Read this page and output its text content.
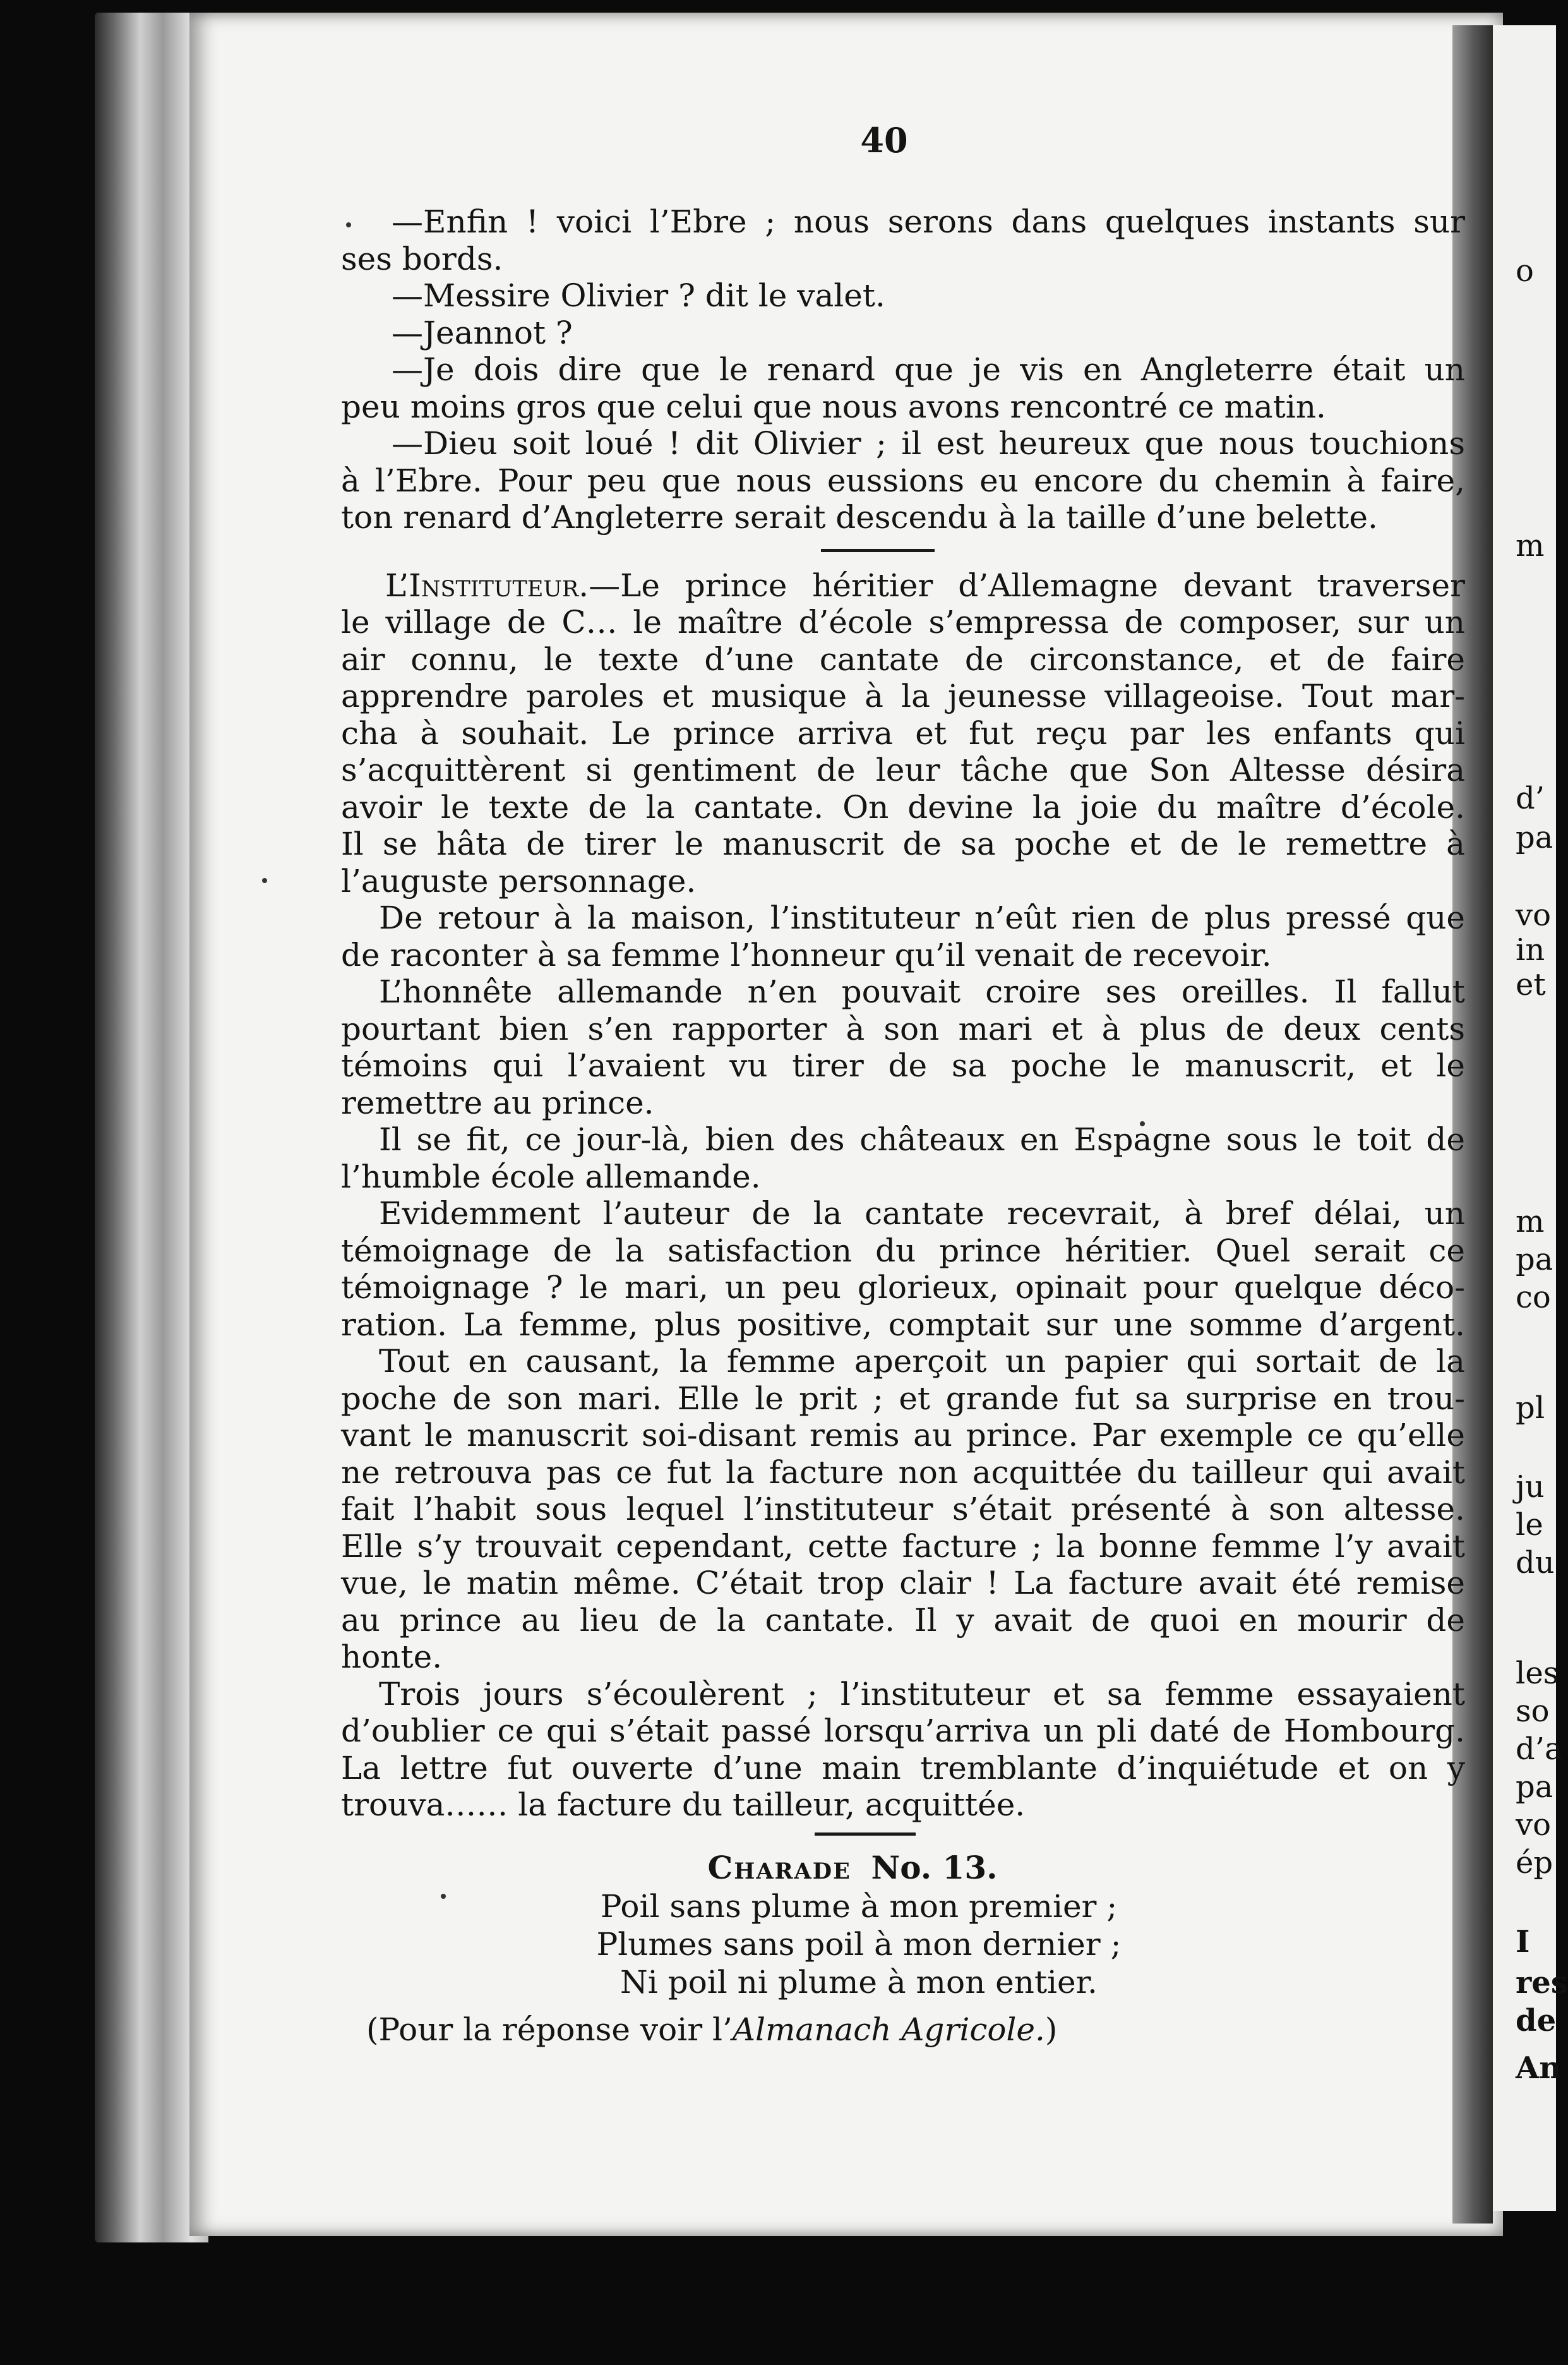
o
m
d’
pa
vo
in
et
m
pa
co
pl
ju
le
du
les
so
d’a
pa
vo
ép
I
res
de
An
40
—Enfin ! voici l’Ebre ; nous serons dans quelques instants sur
ses bords.
—Messire Olivier ? dit le valet.
—Jeannot ?
—Je dois dire que le renard que je vis en Angleterre était un
peu moins gros que celui que nous avons rencontré ce matin.
—Dieu soit loué ! dit Olivier ; il est heureux que nous touchions
à l’Ebre. Pour peu que nous eussions eu encore du chemin à faire,
ton renard d’Angleterre serait descendu à la taille d’une belette.
L’Instituteur.—Le prince héritier d’Allemagne devant traverser
le village de C… le maître d’école s’empressa de composer, sur un
air connu, le texte d’une cantate de circonstance, et de faire
apprendre paroles et musique à la jeunesse villageoise. Tout mar-
cha à souhait. Le prince arriva et fut reçu par les enfants qui
s’acquittèrent si gentiment de leur tâche que Son Altesse désira
avoir le texte de la cantate. On devine la joie du maître d’école.
Il se hâta de tirer le manuscrit de sa poche et de le remettre à
l’auguste personnage.
De retour à la maison, l’instituteur n’eût rien de plus pressé que
de raconter à sa femme l’honneur qu’il venait de recevoir.
L’honnête allemande n’en pouvait croire ses oreilles. Il fallut
pourtant bien s’en rapporter à son mari et à plus de deux cents
témoins qui l’avaient vu tirer de sa poche le manuscrit, et le
remettre au prince.
Il se fit, ce jour-là, bien des châteaux en Espagne sous le toit de
l’humble école allemande.
Evidemment l’auteur de la cantate recevrait, à bref délai, un
témoignage de la satisfaction du prince héritier. Quel serait ce
témoignage ? le mari, un peu glorieux, opinait pour quelque déco-
ration. La femme, plus positive, comptait sur une somme d’argent.
Tout en causant, la femme aperçoit un papier qui sortait de la
poche de son mari. Elle le prit ; et grande fut sa surprise en trou-
vant le manuscrit soi-disant remis au prince. Par exemple ce qu’elle
ne retrouva pas ce fut la facture non acquittée du tailleur qui avait
fait l’habit sous lequel l’instituteur s’était présenté à son altesse.
Elle s’y trouvait cependant, cette facture ; la bonne femme l’y avait
vue, le matin même. C’était trop clair ! La facture avait été remise
au prince au lieu de la cantate. Il y avait de quoi en mourir de
honte.
Trois jours s’écoulèrent ; l’instituteur et sa femme essayaient
d’oublier ce qui s’était passé lorsqu’arriva un pli daté de Hombourg.
La lettre fut ouverte d’une main tremblante d’inquiétude et on y
trouva…… la facture du tailleur, acquittée.
Charade No. 13.
Poil sans plume à mon premier ;
Plumes sans poil à mon dernier ;
Ni poil ni plume à mon entier.
(Pour la réponse voir l’Almanach Agricole.)
